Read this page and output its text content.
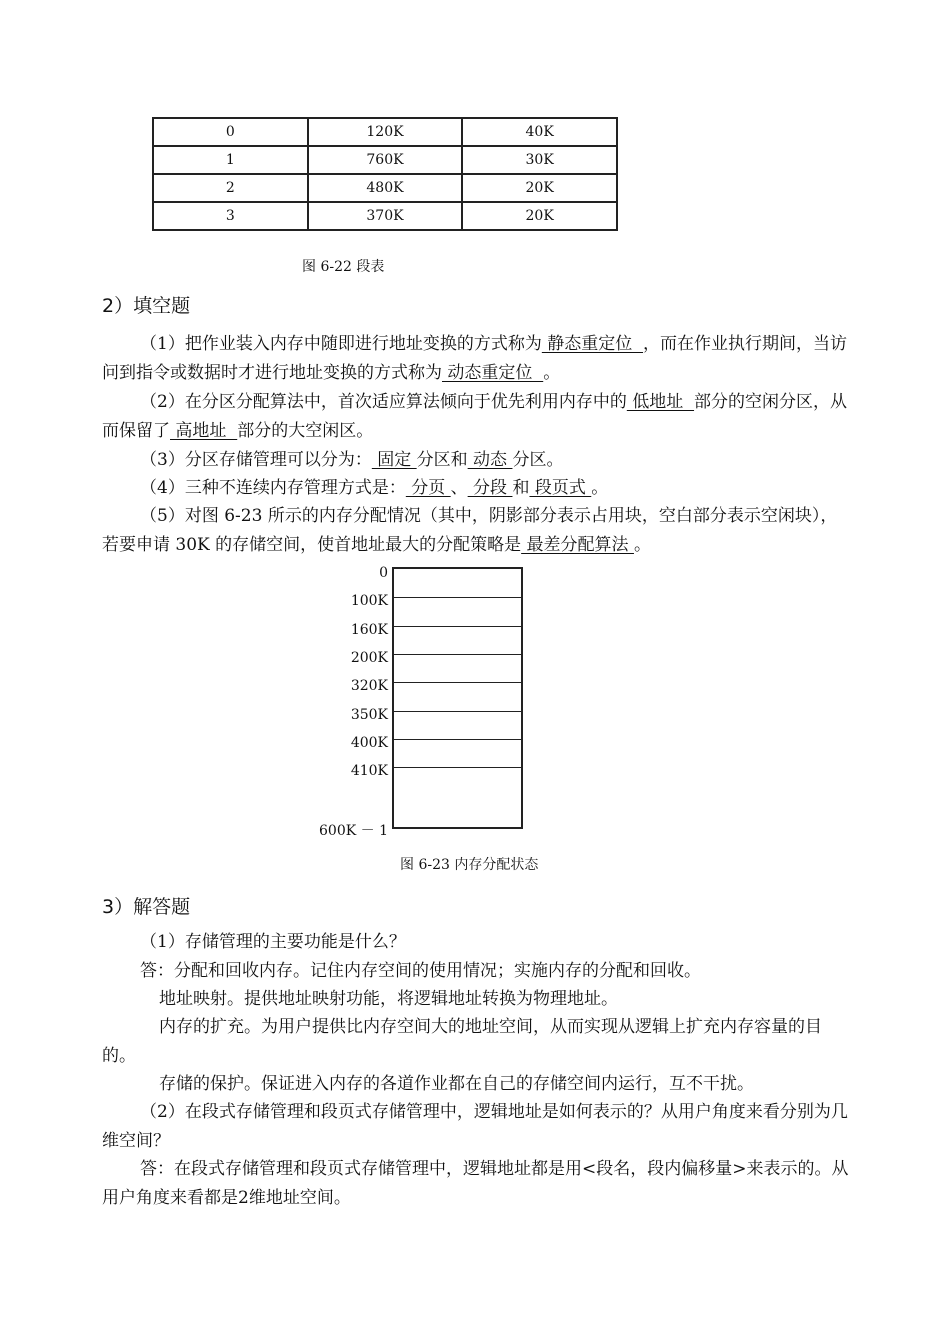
0	120K	40K
1	760K	30K
2	480K	20K
3	370K	20K
图 6-22 段表
2）填空题
（1）把作业装入内存中随即进行地址变换的方式称为 静态重定位  ，而在作业执行期间，当访问到指令或数据时才进行地址变换的方式称为 动态重定位  。
（2）在分区分配算法中，首次适应算法倾向于优先利用内存中的 低地址  部分的空闲分区，从而保留了 高地址  部分的大空闲区。
（3）分区存储管理可以分为： 固定 分区和 动态 分区。
（4）三种不连续内存管理方式是： 分页 、 分段 和 段页式 。
（5）对图 6-23 所示的内存分配情况（其中，阴影部分表示占用块，空白部分表示空闲块），若要申请 30K 的存储空间，使首地址最大的分配策略是 最差分配算法 。
0
100K
160K
200K
320K
350K
400K
410K
600K － 1
图 6-23 内存分配状态
3）解答题
（1）存储管理的主要功能是什么？
答：分配和回收内存。记住内存空间的使用情况；实施内存的分配和回收。
地址映射。提供地址映射功能，将逻辑地址转换为物理地址。
内存的扩充。为用户提供比内存空间大的地址空间，从而实现从逻辑上扩充内存容量的目的。
存储的保护。保证进入内存的各道作业都在自己的存储空间内运行，互不干扰。
（2）在段式存储管理和段页式存储管理中，逻辑地址是如何表示的？从用户角度来看分别为几维空间？
答：在段式存储管理和段页式存储管理中，逻辑地址都是用<段名，段内偏移量>来表示的。从用户角度来看都是2维地址空间。
